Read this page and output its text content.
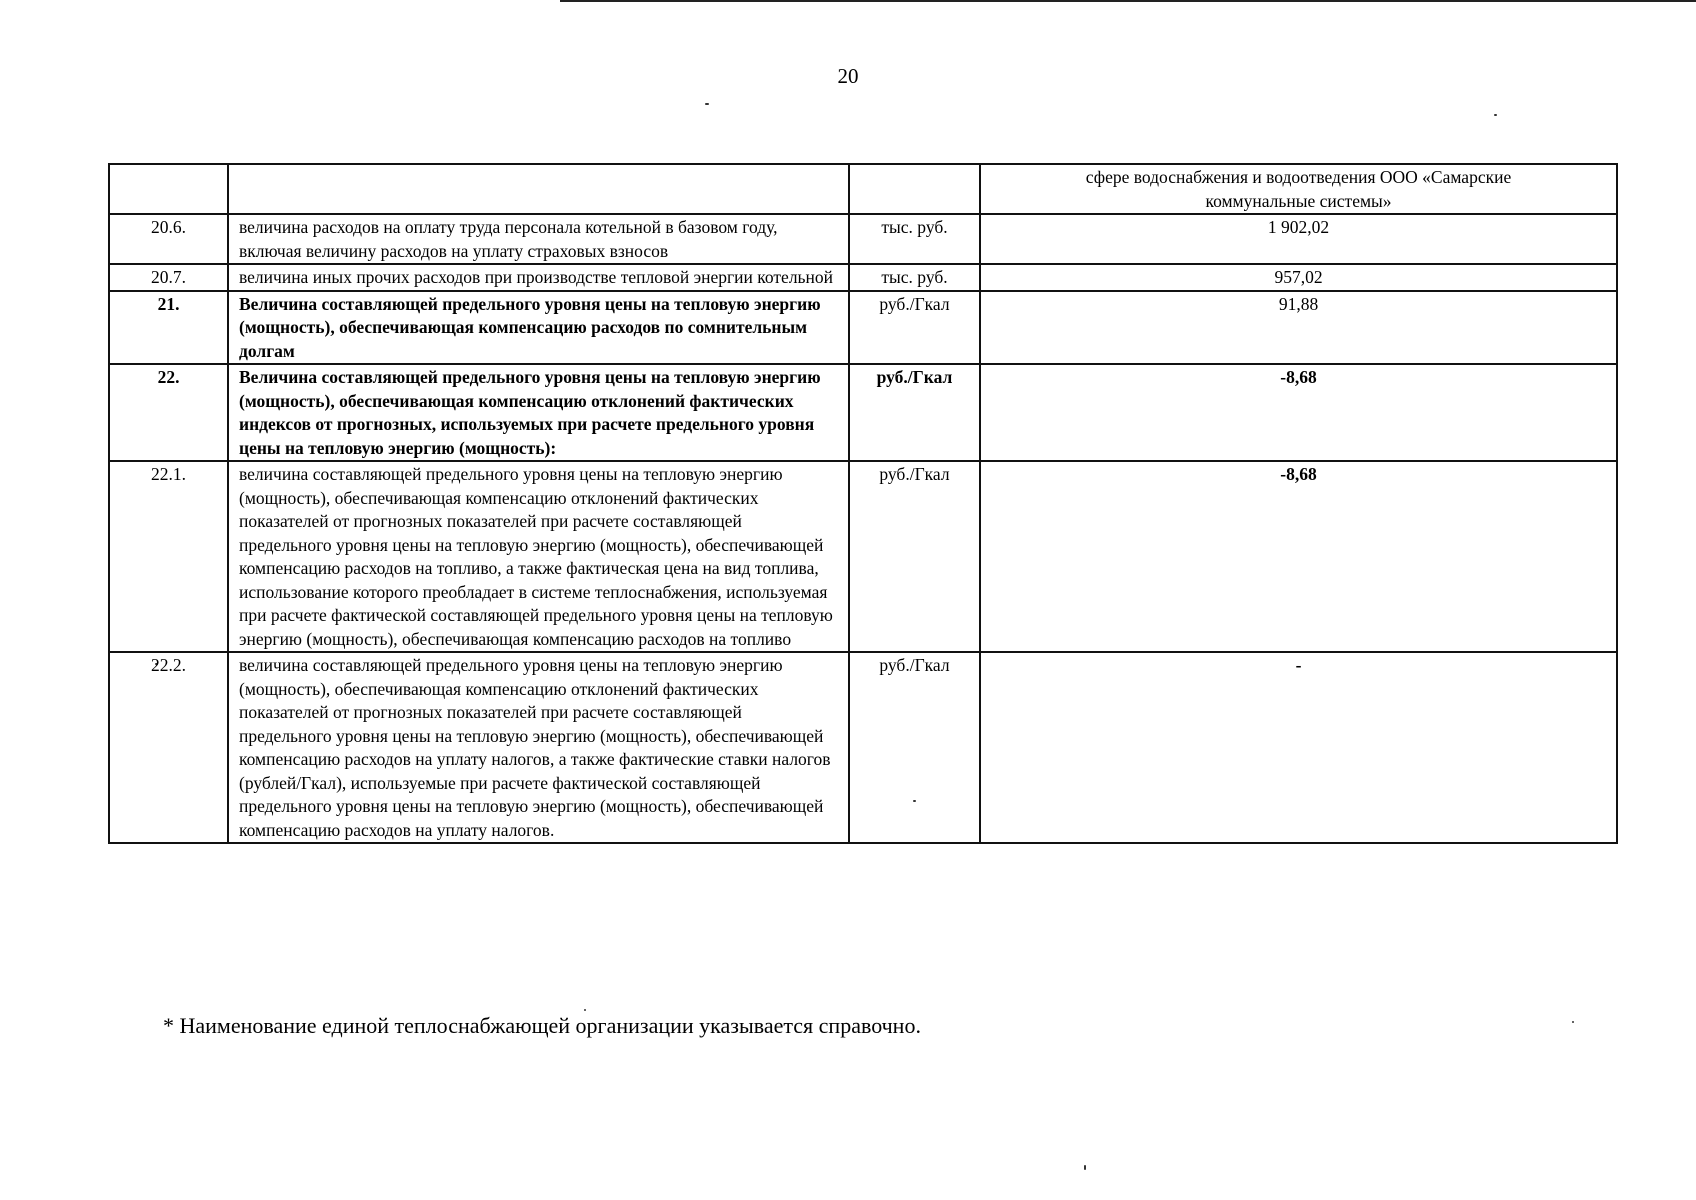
20
			сфере водоснабжения и водоотведения ООО «Самарские коммунальные системы»
20.6.	величина расходов на оплату труда персонала котельной в базовом году, включая величину расходов на уплату страховых взносов	тыс. руб.	1 902,02
20.7.	величина иных прочих расходов при производстве тепловой энергии котельной	тыс. руб.	957,02
21.	Величина составляющей предельного уровня цены на тепловую энергию (мощность), обеспечивающая компенсацию расходов по сомнительным долгам	руб./Гкал	91,88
22.	Величина составляющей предельного уровня цены на тепловую энергию (мощность), обеспечивающая компенсацию отклонений фактических индексов от прогнозных, используемых при расчете предельного уровня цены на тепловую энергию (мощность):	руб./Гкал	-8,68
22.1.	величина составляющей предельного уровня цены на тепловую энергию (мощность), обеспечивающая компенсацию отклонений фактических показателей от прогнозных показателей при расчете составляющей предельного уровня цены на тепловую энергию (мощность), обеспечивающей компенсацию расходов на топливо, а также фактическая цена на вид топлива, использование которого преобладает в системе теплоснабжения, используемая при расчете фактической составляющей предельного уровня цены на тепловую энергию (мощность), обеспечивающая компенсацию расходов на топливо	руб./Гкал	-8,68
22.2.	величина составляющей предельного уровня цены на тепловую энергию (мощность), обеспечивающая компенсацию отклонений фактических показателей от прогнозных показателей при расчете составляющей предельного уровня цены на тепловую энергию (мощность), обеспечивающей компенсацию расходов на уплату налогов, а также фактические ставки налогов (рублей/Гкал), используемые при расчете фактической составляющей предельного уровня цены на тепловую энергию (мощность), обеспечивающей компенсацию расходов на уплату налогов.	руб./Гкал	-
* Наименование единой теплоснабжающей организации указывается справочно.
